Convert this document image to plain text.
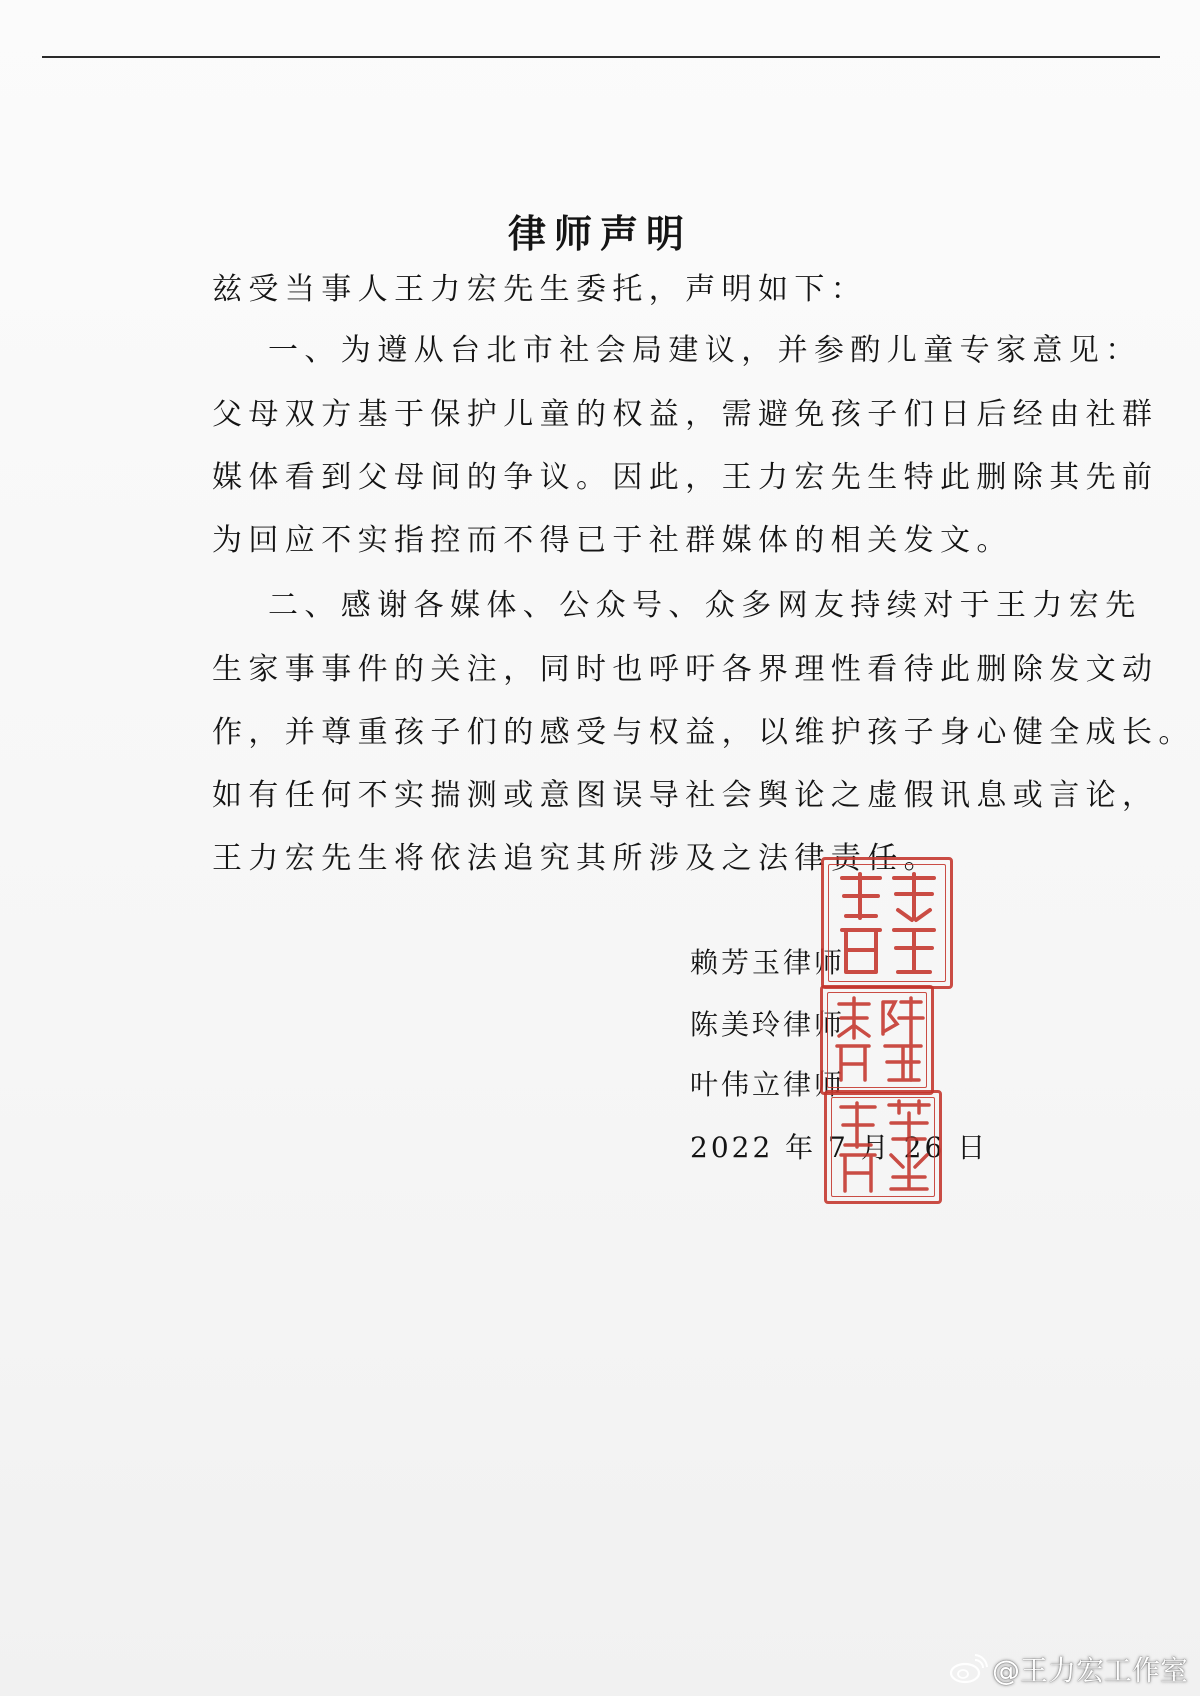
律师声明
兹受当事人王力宏先生委托，声明如下：
一、为遵从台北市社会局建议，并参酌儿童专家意见：
父母双方基于保护儿童的权益，需避免孩子们日后经由社群
媒体看到父母间的争议。因此，王力宏先生特此删除其先前
为回应不实指控而不得已于社群媒体的相关发文。
二、感谢各媒体、公众号、众多网友持续对于王力宏先
生家事事件的关注，同时也呼吁各界理性看待此删除发文动
作，并尊重孩子们的感受与权益，以维护孩子身心健全成长。
如有任何不实揣测或意图误导社会舆论之虚假讯息或言论，
王力宏先生将依法追究其所涉及之法律责任。
赖芳玉律师
陈美玲律师
叶伟立律师
2022 年 7 月 26 日
@王力宏工作室
